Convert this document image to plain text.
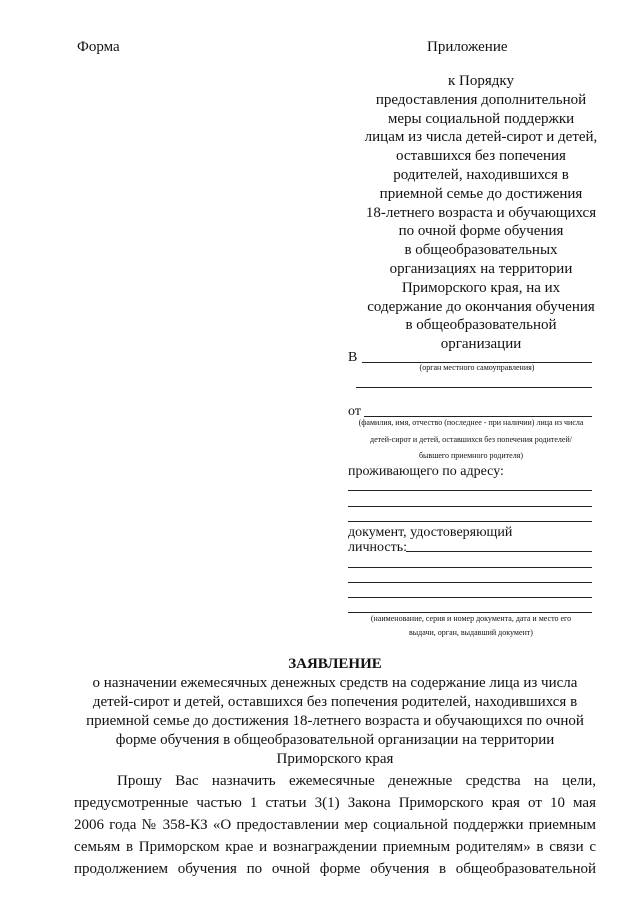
Форма	Приложение
к Порядку
предоставления дополнительной
меры социальной поддержки
лицам из числа детей-сирот и детей,
оставшихся без попечения
родителей, находившихся в
приемной семье до достижения
18-летнего возраста и обучающихся
по очной форме обучения
в общеобразовательных
организациях на территории
Приморского края, на их
содержание до окончания обучения
в общеобразовательной
организации
В
(орган местного самоуправления)
от
(фамилия, имя, отчество (последнее - при наличии) лица из числа
детей-сирот и детей, оставшихся без попечения родителей/
бывшего приемного родителя)
проживающего по адресу:
документ, удостоверяющий
личность:
(наименование, серия и номер документа, дата и место его
выдачи, орган, выдавший документ)
ЗАЯВЛЕНИЕ
о назначении ежемесячных денежных средств на содержание лица из числа
детей-сирот и детей, оставшихся без попечения родителей, находившихся в
приемной семье до достижения 18-летнего возраста и обучающихся по очной
форме обучения в общеобразовательной организации на территории
Приморского края
Прошу Вас назначить ежемесячные денежные средства на цели,
предусмотренные частью 1 статьи 3(1) Закона Приморского края от 10 мая
2006 года № 358-КЗ «О предоставлении мер социальной поддержки приемным
семьям в Приморском крае и вознаграждении приемным родителям» в связи с
продолжением обучения по очной форме обучения в общеобразовательной
